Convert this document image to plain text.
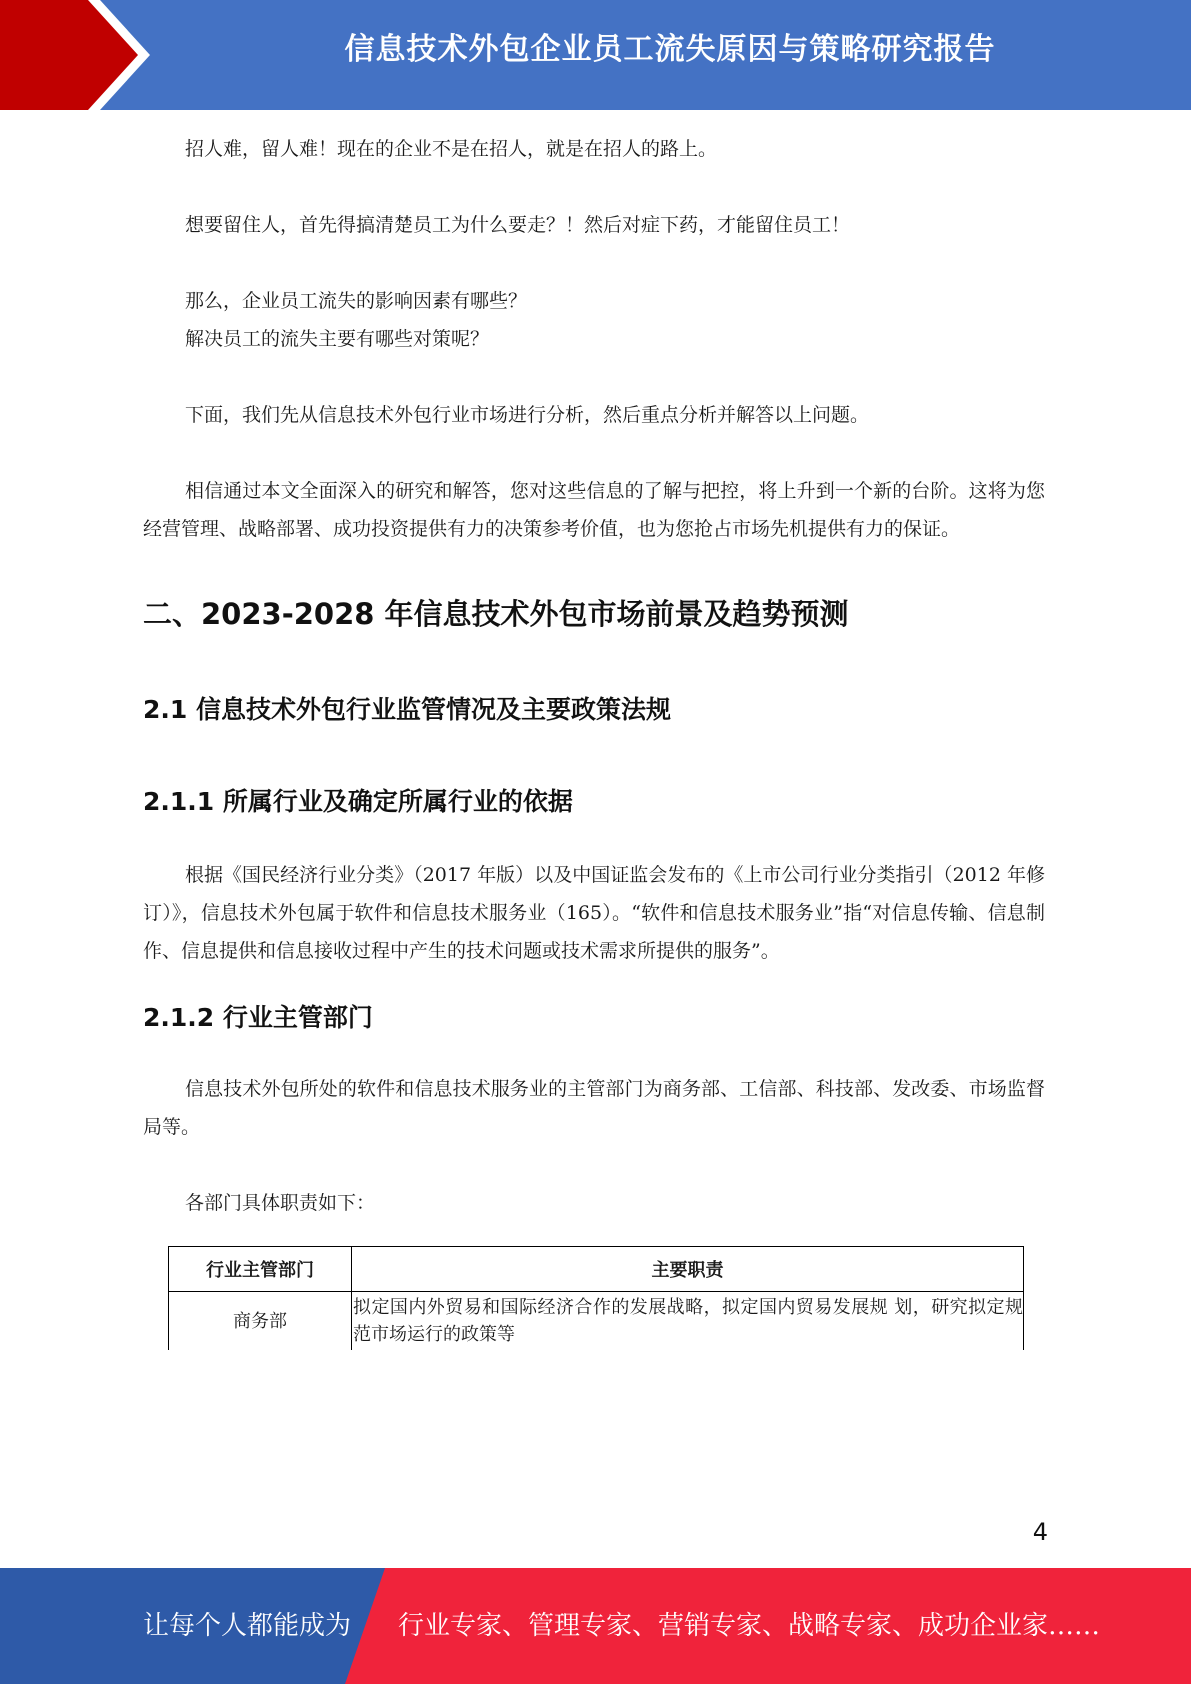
信息技术外包企业员工流失原因与策略研究报告

招人难，留人难！现在的企业不是在招人，就是在招人的路上。

想要留住人，首先得搞清楚员工为什么要走？！然后对症下药，才能留住员工！

那么，企业员工流失的影响因素有哪些？

解决员工的流失主要有哪些对策呢？

下面，我们先从信息技术外包行业市场进行分析，然后重点分析并解答以上问题。

相信通过本文全面深入的研究和解答，您对这些信息的了解与把控，将上升到一个新的台阶。这将为您经营管理、战略部署、成功投资提供有力的决策参考价值，也为您抢占市场先机提供有力的保证。

二、2023-2028 年信息技术外包市场前景及趋势预测
2.1 信息技术外包行业监管情况及主要政策法规
2.1.1 所属行业及确定所属行业的依据

根据《国民经济行业分类》（2017 年版）以及中国证监会发布的《上市公司行业分类指引（2012 年修订）》，信息技术外包属于软件和信息技术服务业（165）。“软件和信息技术服务业”指“对信息传输、信息制作、信息提供和信息接收过程中产生的技术问题或技术需求所提供的服务”。

2.1.2 行业主管部门

信息技术外包所处的软件和信息技术服务业的主管部门为商务部、工信部、科技部、发改委、市场监督局等。

各部门具体职责如下：

行业主管部门	主要职责
商务部	拟定国内外贸易和国际经济合作的发展战略，拟定国内贸易发展规 划，研究拟定规范市场运行的政策等
4
让每个人都能成为 行业专家、管理专家、营销专家、战略专家、成功企业家……
